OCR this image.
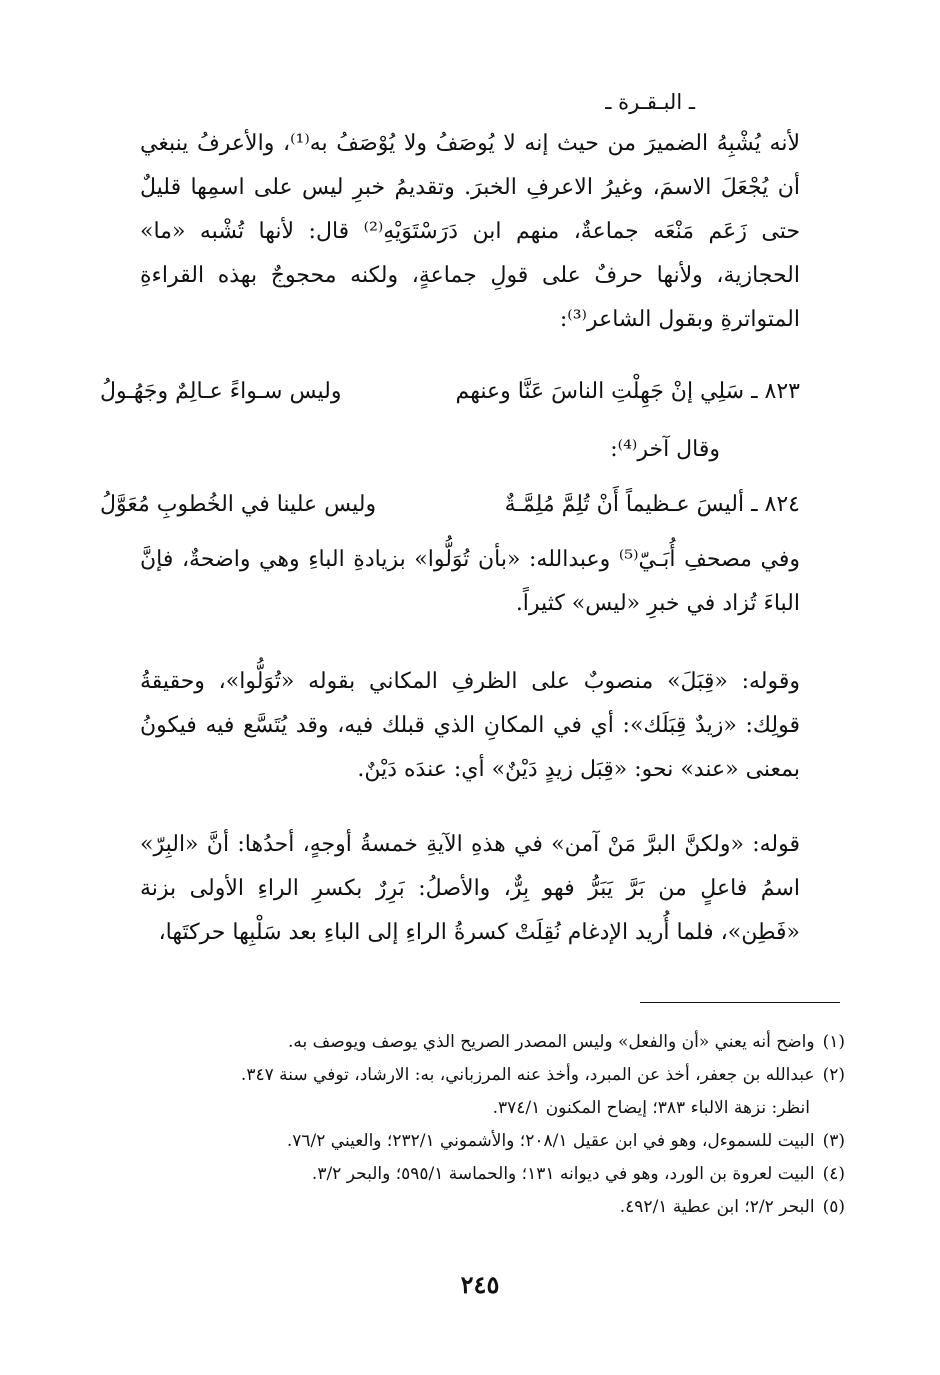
ـ البـقـرة ـ

لأنه يُشْبِهُ الضميرَ من حيث إنه لا يُوصَفُ ولا يُوْصَفُ به⁽¹⁾، والأعرفُ ينبغي أن يُجْعَلَ الاسمَ، وغيرُ الاعرفِ الخبرَ. وتقديمُ خبرِ ليس على اسمِها قليلٌ حتى زَعَم مَنْعَه جماعةٌ، منهم ابن دَرَسْتَوَيْهِ⁽²⁾ قال: لأنها تُشْبه «ما» الحجازية، ولأنها حرفٌ على قولِ جماعةٍ، ولكنه محجوجٌ بهذه القراءةِ المتواترةِ وبقول الشاعر⁽³⁾:

٨٢٣ ـ سَلِي إنْ جَهِلْتِ الناسَ عَنَّا وعنهم
وليس سـواءً عـالِمٌ وجَهُـولُ
وقال آخر⁽⁴⁾:
٨٢٤ ـ أليسَ عـظيماً أَنْ تُلِمَّ مُلِمَّـةٌ
وليس علينا في الخُطوبِ مُعَوَّلُ

وفي مصحفِ أُبَـيّ⁽⁵⁾ وعبدالله: «بأن تُوَلُّوا» بزيادةِ الباءِ وهي واضحةٌ، فإنَّ الباءَ تُزاد في خبرِ «ليس» كثيراً.

وقوله: «قِبَلَ» منصوبٌ على الظرفِ المكاني بقوله «تُوَلُّوا»، وحقيقةُ قولِك: «زيدٌ قِبَلَك»: أي في المكانِ الذي قبلك فيه، وقد يُتَسَّع فيه فيكونُ بمعنى «عند» نحو: «قِبَل زيدٍ دَيْنٌ» أي: عندَه دَيْنٌ.

قوله: «ولكنَّ البرَّ مَنْ آمن» في هذهِ الآيةِ خمسةُ أوجهٍ، أحدُها: أنَّ «البِرّ» اسمُ فاعلٍ من بَرَّ يَبَرُّ فهو بِرٌّ، والأصلُ: بَرِرٌ بكسرِ الراءِ الأولى بزنة «فَطِن»، فلما أُريد الإدغام نُقِلَتْ كسرةُ الراءِ إلى الباءِ بعد سَلْبِها حركتَها،

(١)واضح أنه يعني «أن والفعل» وليس المصدر الصريح الذي يوصف ويوصف به.
(٢)عبدالله بن جعفر، أخذ عن المبرد، وأخذ عنه المرزباني، به: الارشاد، توفي سنة ٣٤٧.
انظر: نزهة الالباء ٣٨٣؛ إيضاح المكنون ٣٧٤/١.
(٣)البيت للسموءل، وهو في ابن عقيل ٢٠٨/١؛ والأشموني ٢٣٢/١؛ والعيني ٧٦/٢.
(٤)البيت لعروة بن الورد، وهو في ديوانه ١٣١؛ والحماسة ٥٩٥/١؛ والبحر ٣/٢.
(٥)البحر ٢/٢؛ ابن عطية ٤٩٢/١.
٢٤٥
